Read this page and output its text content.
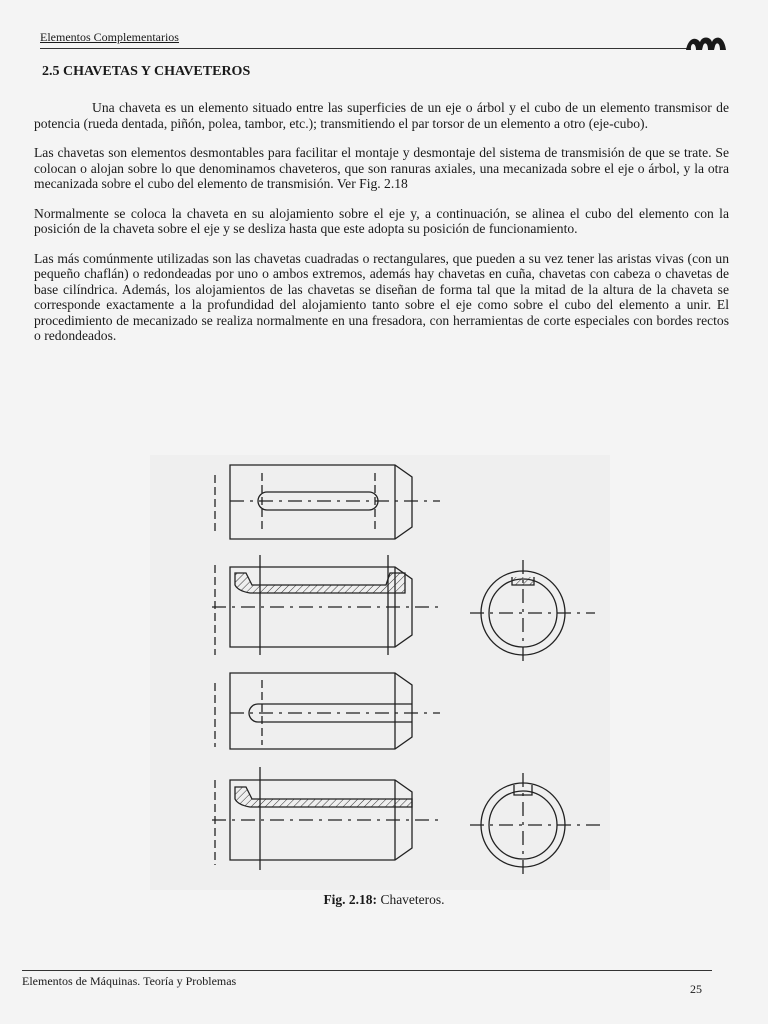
Elementos Complementarios
2.5 CHAVETAS Y CHAVETEROS

Una chaveta es un elemento situado entre las superficies de un eje o árbol y el cubo de un elemento transmisor de potencia (rueda dentada, piñón, polea, tambor, etc.); transmitiendo el par torsor de un elemento a otro (eje-cubo).

Las chavetas son elementos desmontables para facilitar el montaje y desmontaje del sistema de transmisión de que se trate. Se colocan o alojan sobre lo que denominamos chaveteros, que son ranuras axiales, una mecanizada sobre el eje o árbol, y la otra mecanizada sobre el cubo del elemento de transmisión. Ver Fig. 2.18

Normalmente se coloca la chaveta en su alojamiento sobre el eje y, a continuación, se alinea el cubo del elemento con la posición de la chaveta sobre el eje y se desliza hasta que este adopta su posición de funcionamiento.

Las más comúnmente utilizadas son las chavetas cuadradas o rectangulares, que pueden a su vez tener las aristas vivas (con un pequeño chaflán) o redondeadas por uno o ambos extremos, además hay chavetas en cuña, chavetas con cabeza o chavetas de base cilíndrica. Además, los alojamientos de las chavetas se diseñan de forma tal que la mitad de la altura de la chaveta se corresponde exactamente a la profundidad del alojamiento tanto sobre el eje como sobre el cubo del elemento a unir. El procedimiento de mecanizado se realiza normalmente en una fresadora, con herramientas de corte especiales con bordes rectos o redondeados.

Fig. 2.18: Chaveteros.
Elementos de Máquinas. Teoría y Problemas
25
